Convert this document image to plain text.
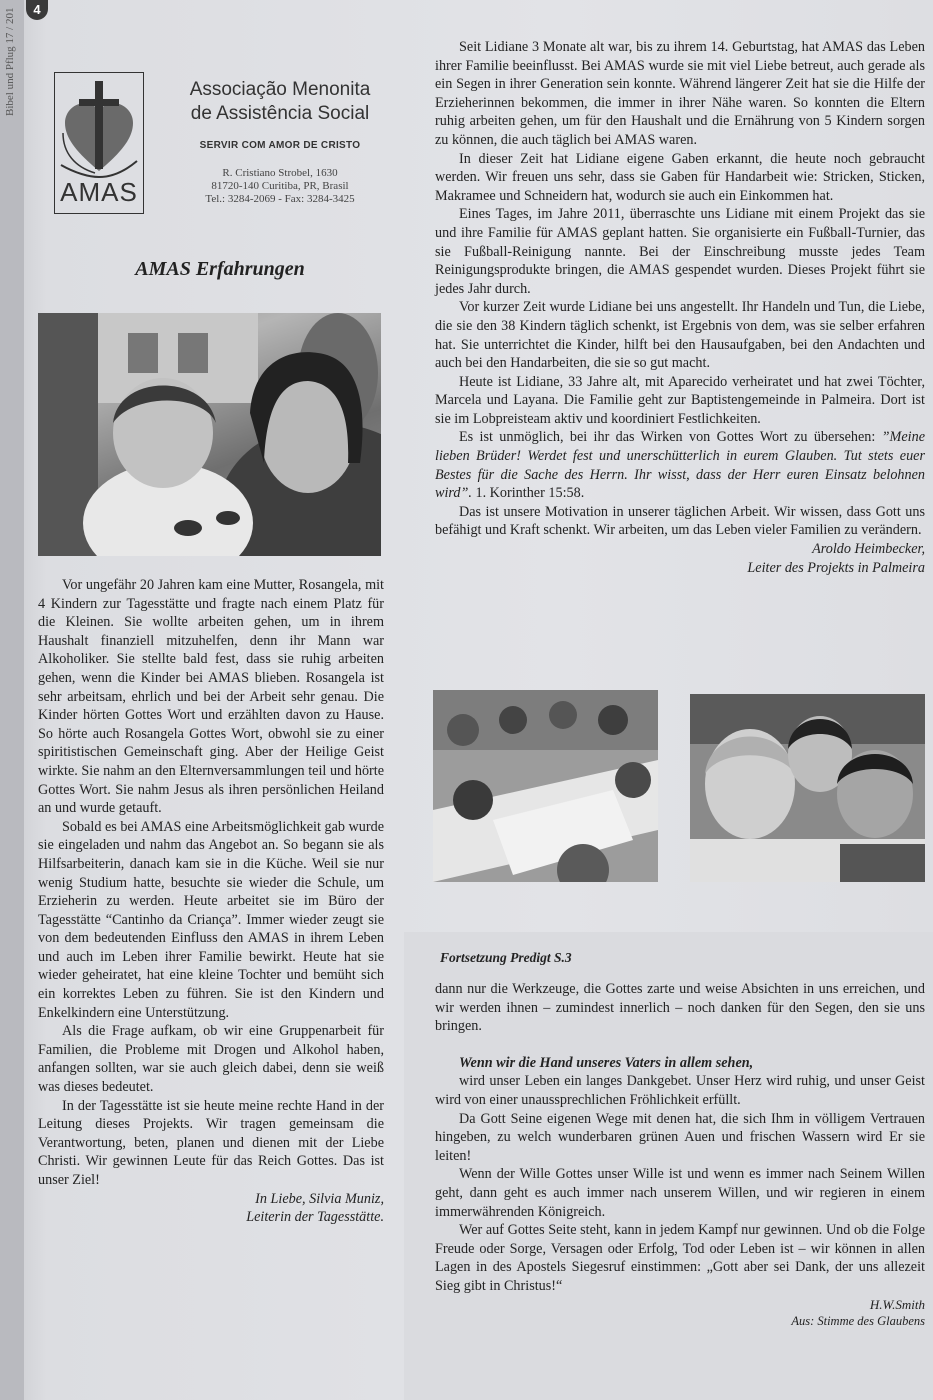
4
Bibel und Pflug 17 / 201
AMAS
Associação Menonita
de Assistência Social
SERVIR COM AMOR DE CRISTO
R. Cristiano Strobel, 1630
81720-140 Curitiba, PR, Brasil
Tel.: 3284-2069 - Fax: 3284-3425
AMAS Erfahrungen

Vor ungefähr 20 Jahren kam eine Mutter, Rosangela, mit 4 Kindern zur Tagesstätte und fragte nach einem Platz für die Kleinen. Sie wollte arbeiten gehen, um in ihrem Haushalt finanziell mitzuhelfen, denn ihr Mann war Alkoholiker. Sie stellte bald fest, dass sie ruhig arbeiten gehen, wenn die Kinder bei AMAS blieben. Rosangela ist sehr arbeitsam, ehrlich und bei der Arbeit sehr genau. Die Kinder hörten Gottes Wort und erzählten davon zu Hause. So hörte auch Rosangela Gottes Wort, obwohl sie zu einer spiritistischen Gemeinschaft ging. Aber der Heilige Geist wirkte. Sie nahm an den Elternversammlungen teil und hörte Gottes Wort. Sie nahm Jesus als ihren persönlichen Heiland an und wurde getauft.

Sobald es bei AMAS eine Arbeitsmöglichkeit gab wurde sie eingeladen und nahm das Angebot an. So begann sie als Hilfsarbeiterin, danach kam sie in die Küche. Weil sie nur wenig Studium hatte, besuchte sie wieder die Schule, um Erzieherin zu werden. Heute arbeitet sie im Büro der Tagesstätte “Cantinho da Criança”. Immer wieder zeugt sie von dem bedeutenden Einfluss den AMAS in ihrem Leben und auch im Leben ihrer Familie bewirkt. Heute hat sie wieder geheiratet, hat eine kleine Tochter und bemüht sich ein korrektes Leben zu führen. Sie ist den Kindern und Enkelkindern eine Unterstützung.

Als die Frage aufkam, ob wir eine Gruppenarbeit für Familien, die Probleme mit Drogen und Alkohol haben, anfangen sollten, war sie auch gleich dabei, denn sie weiß was dieses bedeutet.

In der Tagesstätte ist sie heute meine rechte Hand in der Leitung dieses Projekts. Wir tragen gemeinsam die Verantwortung, beten, planen und dienen mit der Liebe Christi. Wir gewinnen Leute für das Reich Gottes. Das ist unser Ziel!

In Liebe, Silvia Muniz,

Leiterin der Tagesstätte.

Seit Lidiane 3 Monate alt war, bis zu ihrem 14. Geburtstag, hat AMAS das Leben ihrer Familie beeinflusst. Bei AMAS wurde sie mit viel Liebe betreut, auch gerade als ein Segen in ihrer Generation sein konnte. Während längerer Zeit hat sie die Hilfe der Erzieherinnen bekommen, die immer in ihrer Nähe waren. So konnten die Eltern ruhig arbeiten gehen, um für den Haushalt und die Ernährung von 5 Kindern sorgen zu können, die auch täglich bei AMAS waren.

In dieser Zeit hat Lidiane eigene Gaben erkannt, die heute noch gebraucht werden. Wir freuen uns sehr, dass sie Gaben für Handarbeit wie: Stricken, Sticken, Makramee und Schneidern hat, wodurch sie auch ein Einkommen hat.

Eines Tages, im Jahre 2011, überraschte uns Lidiane mit einem Projekt das sie und ihre Familie für AMAS geplant hatten. Sie organisierte ein Fußball-Turnier, das sie Fußball-Reinigung nannte. Bei der Einschreibung musste jedes Team Reinigungsprodukte bringen, die AMAS gespendet wurden. Dieses Projekt führt sie jedes Jahr durch.

Vor kurzer Zeit wurde Lidiane bei uns angestellt. Ihr Handeln und Tun, die Liebe, die sie den 38 Kindern täglich schenkt, ist Ergebnis von dem, was sie selber erfahren hat. Sie unterrichtet die Kinder, hilft bei den Hausaufgaben, bei den Andachten und auch bei den Handarbeiten, die sie so gut macht.

Heute ist Lidiane, 33 Jahre alt, mit Aparecido verheiratet und hat zwei Töchter, Marcela und Layana. Die Familie geht zur Baptistengemeinde in Palmeira. Dort ist sie im Lobpreisteam aktiv und koordiniert Festlichkeiten.

Es ist unmöglich, bei ihr das Wirken von Gottes Wort zu übersehen: ”Meine lieben Brüder! Werdet fest und unerschütterlich in eurem Glauben. Tut stets euer Bestes für die Sache des Herrn. Ihr wisst, dass der Herr euren Einsatz belohnen wird”. 1. Korinther 15:58.

Das ist unsere Motivation in unserer täglichen Arbeit. Wir wissen, dass Gott uns befähigt und Kraft schenkt. Wir arbeiten, um das Leben vieler Familien zu verändern.

Aroldo Heimbecker,

Leiter des Projekts in Palmeira

Fortsetzung Predigt S.3

dann nur die Werkzeuge, die Gottes zarte und weise Absichten in uns erreichen, und wir werden ihnen – zumindest innerlich – noch danken für den Segen, den sie uns bringen.

Wenn wir die Hand unseres Vaters in allem sehen,

wird unser Leben ein langes Dankgebet. Unser Herz wird ruhig, und unser Geist wird von einer unaussprechlichen Fröhlichkeit erfüllt.

Da Gott Seine eigenen Wege mit denen hat, die sich Ihm in völligem Vertrauen hingeben, zu welch wunderbaren grünen Auen und frischen Wassern wird Er sie leiten!

Wenn der Wille Gottes unser Wille ist und wenn es immer nach Seinem Willen geht, dann geht es auch immer nach unserem Willen, und wir regieren in einem immerwährenden Königreich.

Wer auf Gottes Seite steht, kann in jedem Kampf nur gewinnen. Und ob die Folge Freude oder Sorge, Versagen oder Erfolg, Tod oder Leben ist – wir können in allen Lagen in des Apostels Siegesruf einstimmen: „Gott aber sei Dank, der uns allezeit Sieg gibt in Christus!“

H.W.Smith

Aus: Stimme des Glaubens
